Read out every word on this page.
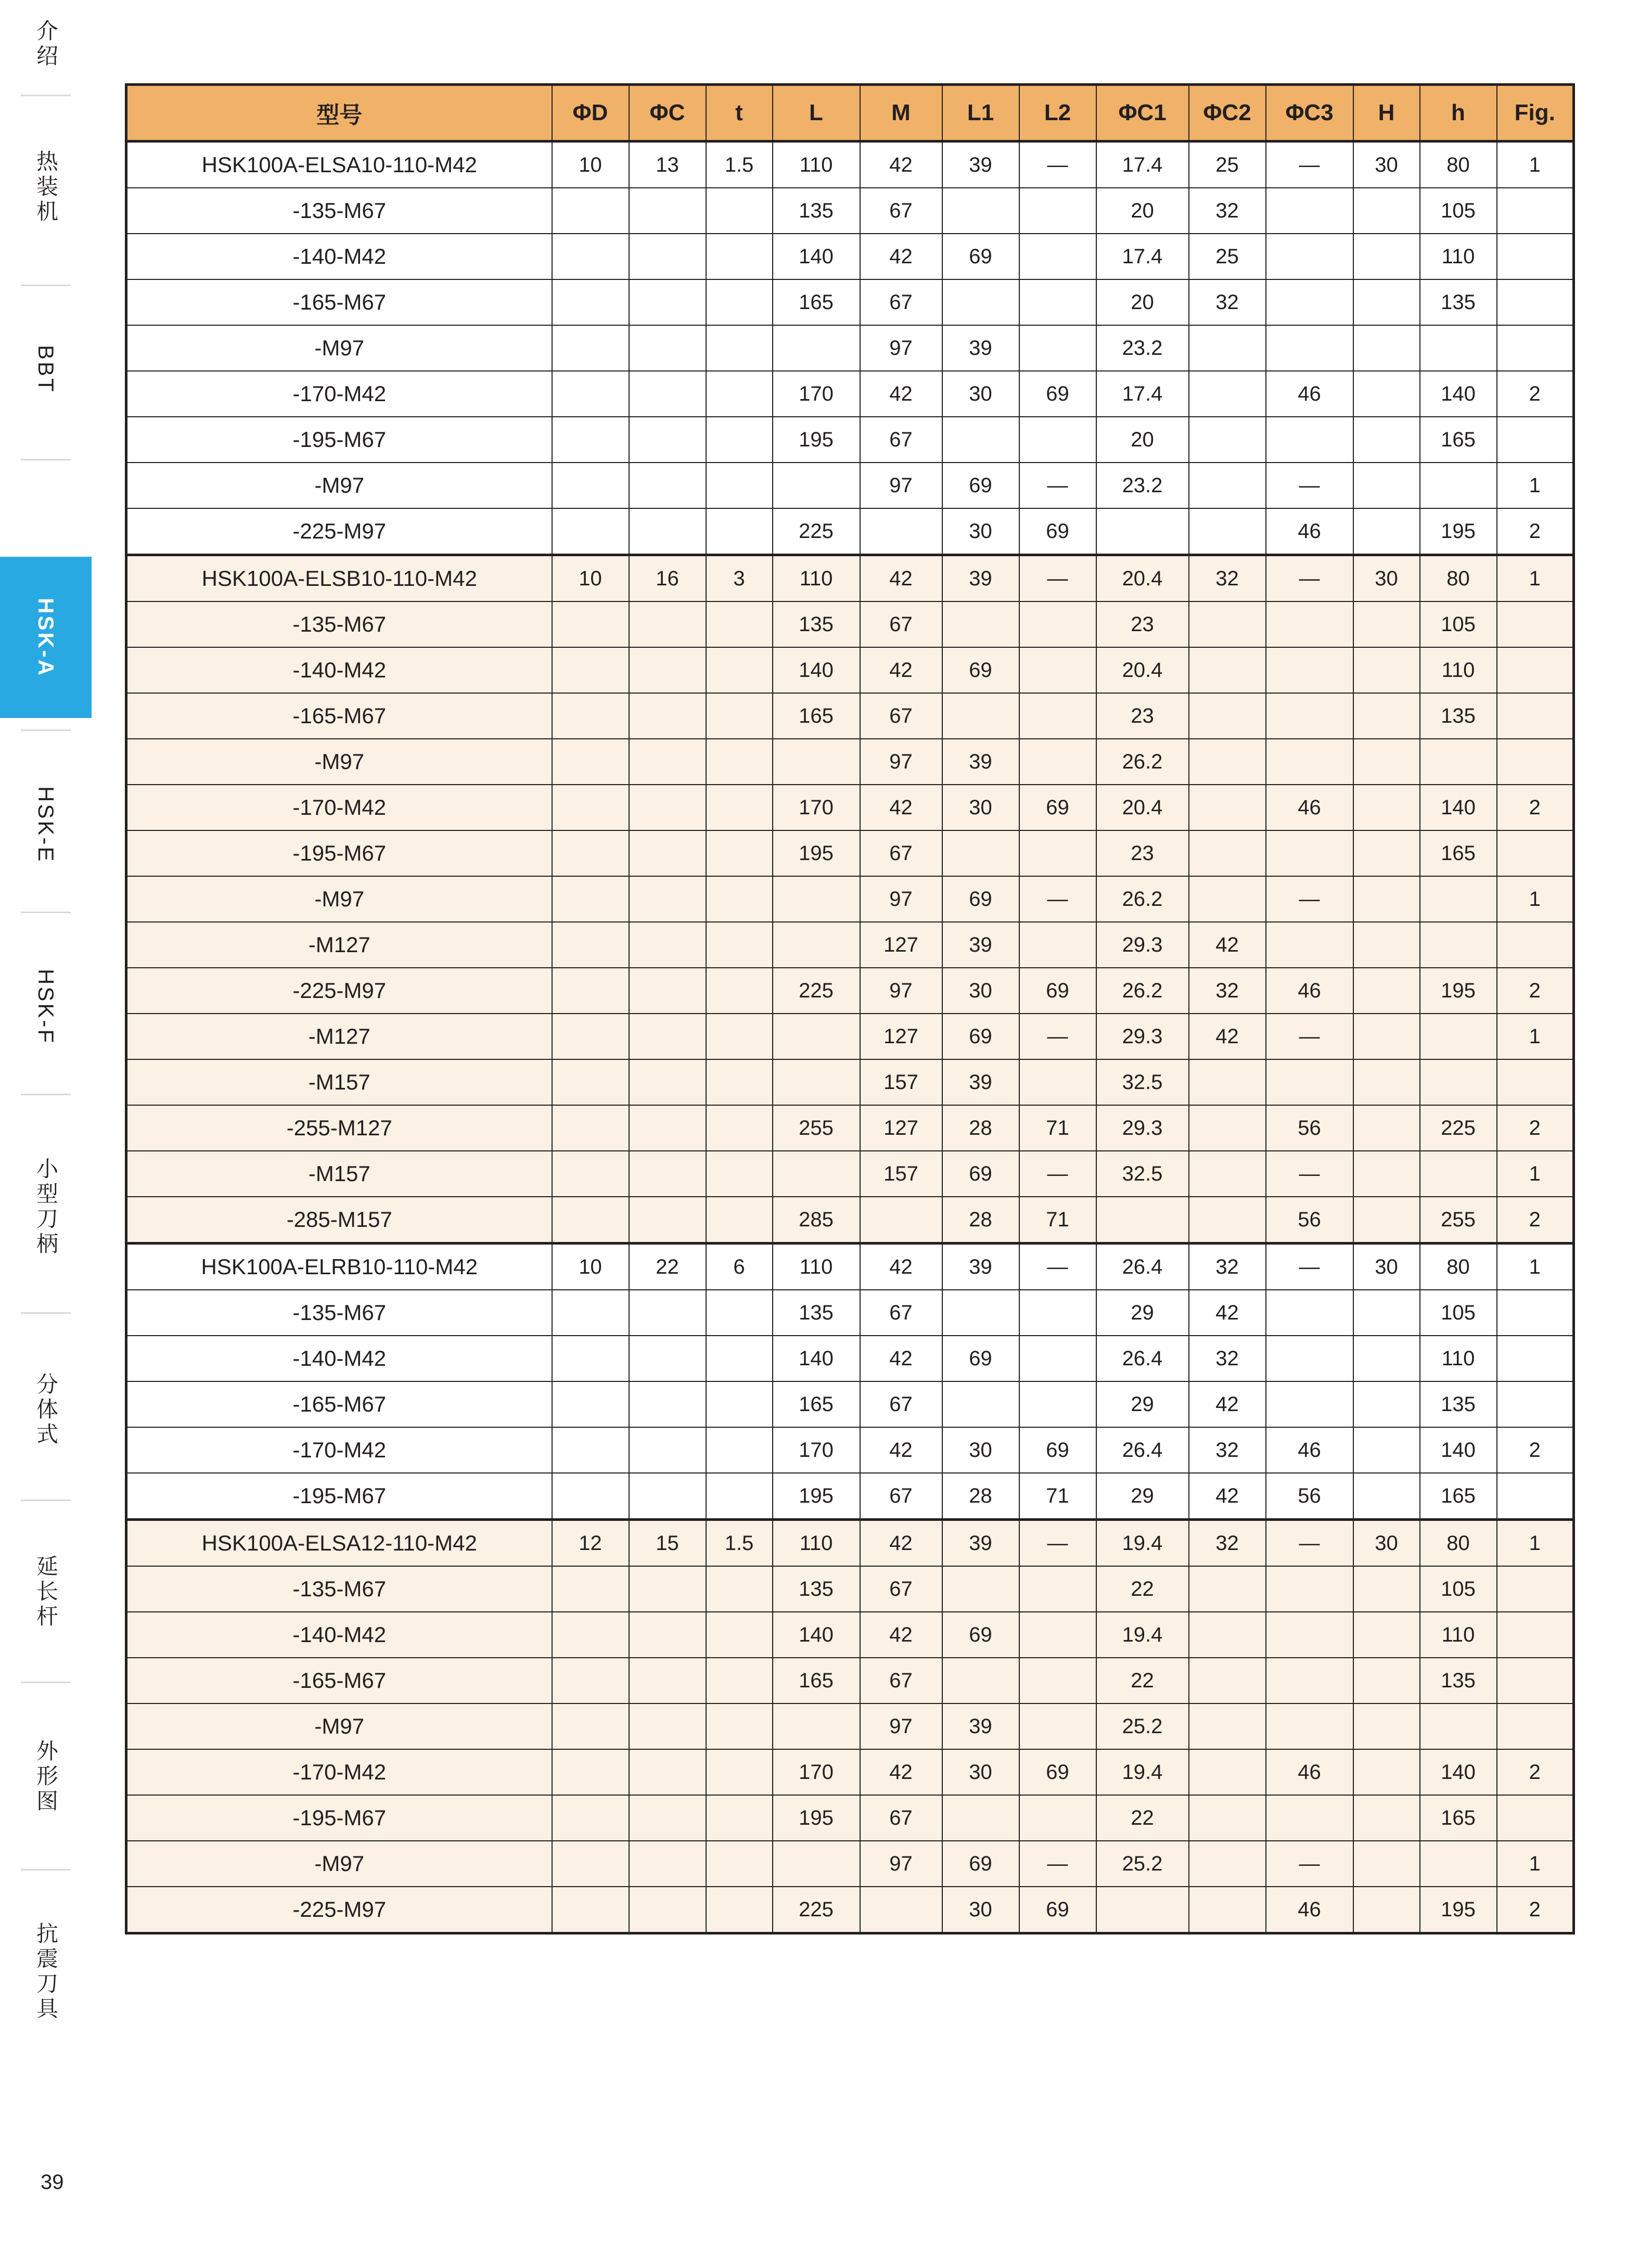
介绍
热装机
BBT
HSK-A
HSK-E
HSK-F
小型刀柄
分体式
延长杆
外形图
抗震刀具
39
型号	ΦD	ΦC	t	L	M	L1	L2	ΦC1	ΦC2	ΦC3	H	h	Fig.
HSK100A-ELSA10-110-M42	10	13	1.5	110	42	39	—	17.4	25	—	30	80	1
-135-M67				135	67			20	32			105	
-140-M42				140	42	69		17.4	25			110	
-165-M67				165	67			20	32			135	
-M97					97	39		23.2					
-170-M42				170	42	30	69	17.4		46		140	2
-195-M67				195	67			20				165	
-M97					97	69	—	23.2		—			1
-225-M97				225		30	69			46		195	2
HSK100A-ELSB10-110-M42	10	16	3	110	42	39	—	20.4	32	—	30	80	1
-135-M67				135	67			23				105	
-140-M42				140	42	69		20.4				110	
-165-M67				165	67			23				135	
-M97					97	39		26.2					
-170-M42				170	42	30	69	20.4		46		140	2
-195-M67				195	67			23				165	
-M97					97	69	—	26.2		—			1
-M127					127	39		29.3	42				
-225-M97				225	97	30	69	26.2	32	46		195	2
-M127					127	69	—	29.3	42	—			1
-M157					157	39		32.5					
-255-M127				255	127	28	71	29.3		56		225	2
-M157					157	69	—	32.5		—			1
-285-M157				285		28	71			56		255	2
HSK100A-ELRB10-110-M42	10	22	6	110	42	39	—	26.4	32	—	30	80	1
-135-M67				135	67			29	42			105	
-140-M42				140	42	69		26.4	32			110	
-165-M67				165	67			29	42			135	
-170-M42				170	42	30	69	26.4	32	46		140	2
-195-M67				195	67	28	71	29	42	56		165	
HSK100A-ELSA12-110-M42	12	15	1.5	110	42	39	—	19.4	32	—	30	80	1
-135-M67				135	67			22				105	
-140-M42				140	42	69		19.4				110	
-165-M67				165	67			22				135	
-M97					97	39		25.2					
-170-M42				170	42	30	69	19.4		46		140	2
-195-M67				195	67			22				165	
-M97					97	69	—	25.2		—			1
-225-M97				225		30	69			46		195	2
